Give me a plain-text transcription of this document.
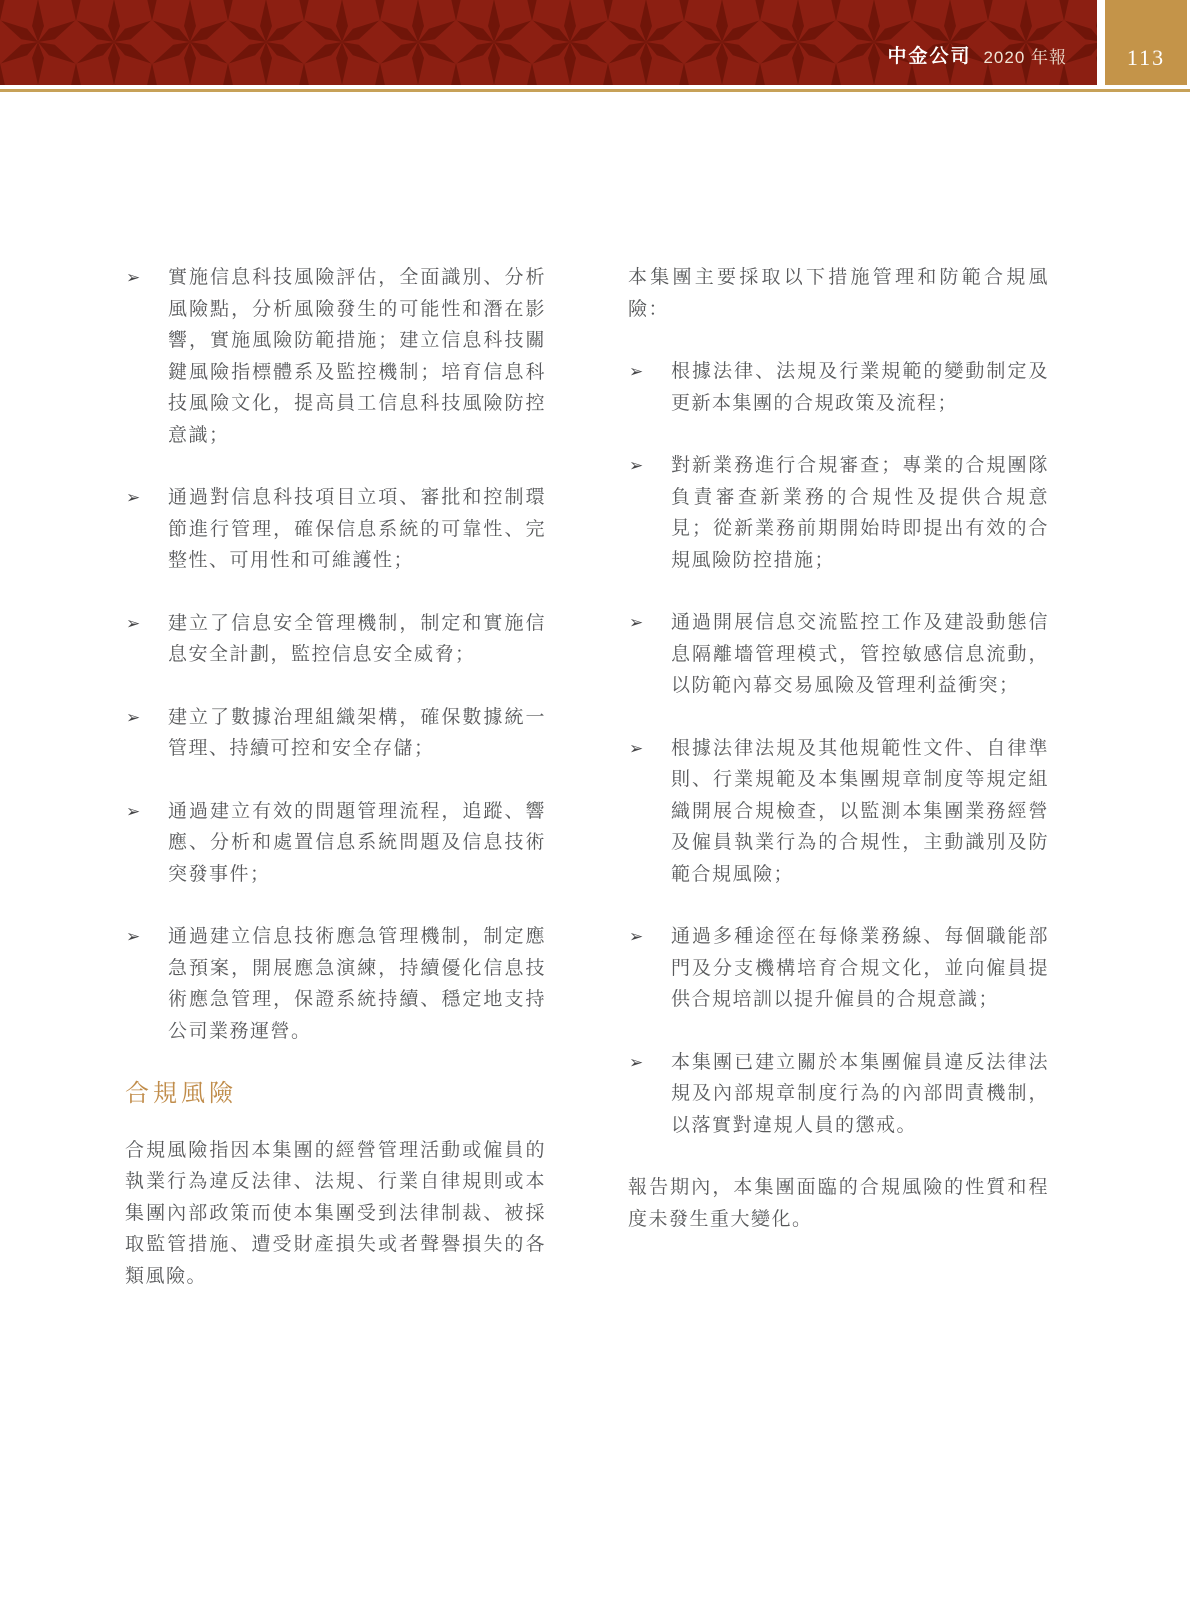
中金公司 2020 年報	113
➢ 實施信息科技風險評估，全面識別、分析風險點，分析風險發生的可能性和潛在影響，實施風險防範措施；建立信息科技關鍵風險指標體系及監控機制；培育信息科技風險文化，提高員工信息科技風險防控意識；
➢ 通過對信息科技項目立項、審批和控制環節進行管理，確保信息系統的可靠性、完整性、可用性和可維護性；
➢ 建立了信息安全管理機制，制定和實施信息安全計劃，監控信息安全威脅；
➢ 建立了數據治理組織架構，確保數據統一管理、持續可控和安全存儲；
➢ 通過建立有效的問題管理流程，追蹤、響應、分析和處置信息系統問題及信息技術突發事件；
➢ 通過建立信息技術應急管理機制，制定應急預案，開展應急演練，持續優化信息技術應急管理，保證系統持續、穩定地支持公司業務運營。
合規風險

合規風險指因本集團的經營管理活動或僱員的執業行為違反法律、法規、行業自律規則或本集團內部政策而使本集團受到法律制裁、被採取監管措施、遭受財產損失或者聲譽損失的各類風險。

本集團主要採取以下措施管理和防範合規風險：

➢ 根據法律、法規及行業規範的變動制定及更新本集團的合規政策及流程；
➢ 對新業務進行合規審查；專業的合規團隊負責審查新業務的合規性及提供合規意見；從新業務前期開始時即提出有效的合規風險防控措施；
➢ 通過開展信息交流監控工作及建設動態信息隔離墻管理模式，管控敏感信息流動，以防範內幕交易風險及管理利益衝突；
➢ 根據法律法規及其他規範性文件、自律準則、行業規範及本集團規章制度等規定組織開展合規檢查，以監測本集團業務經營及僱員執業行為的合規性，主動識別及防範合規風險；
➢ 通過多種途徑在每條業務線、每個職能部門及分支機構培育合規文化，並向僱員提供合規培訓以提升僱員的合規意識；
➢ 本集團已建立關於本集團僱員違反法律法規及內部規章制度行為的內部問責機制，以落實對違規人員的懲戒。

報告期內，本集團面臨的合規風險的性質和程度未發生重大變化。
